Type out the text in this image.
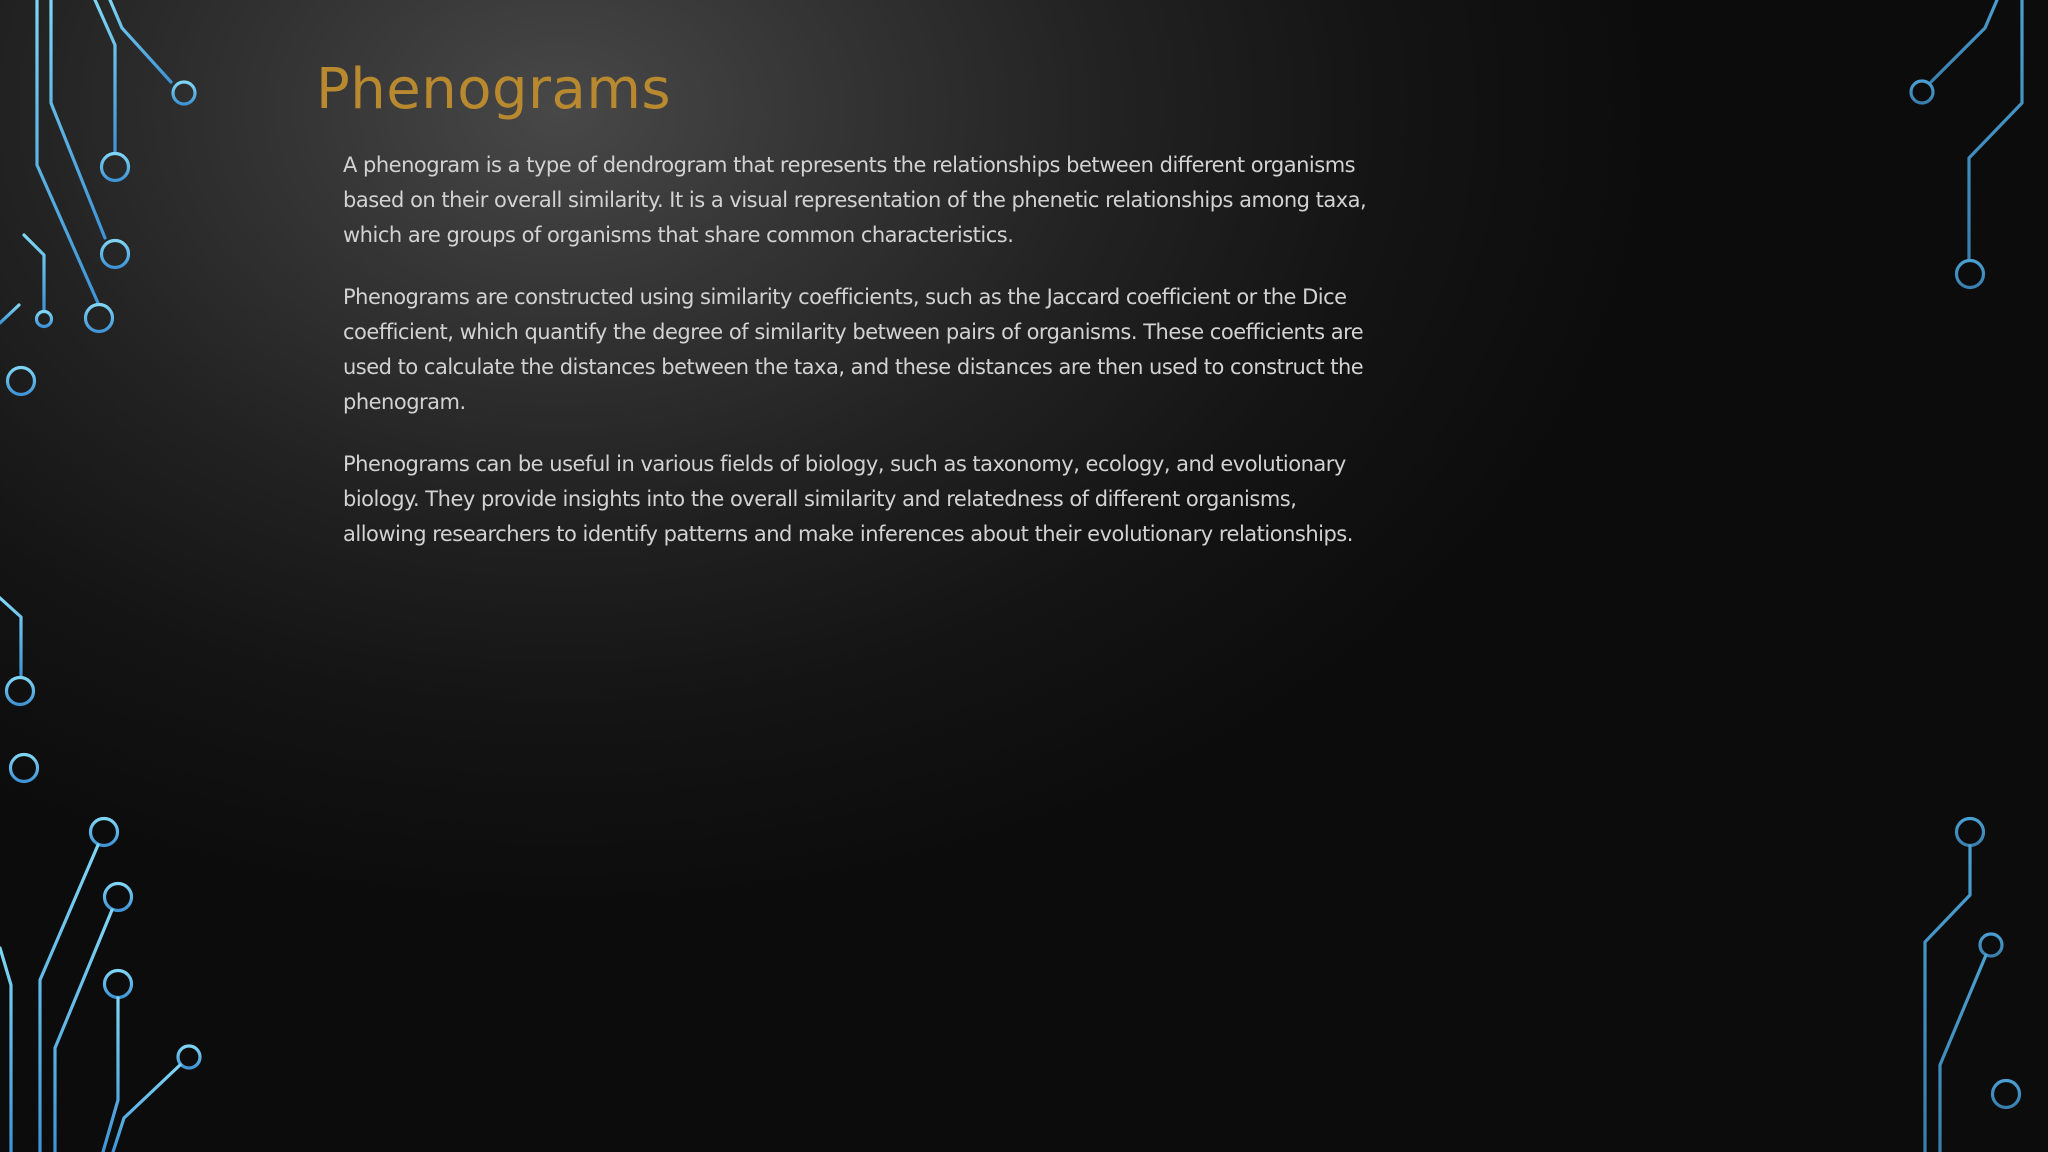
Phenograms

A phenogram is a type of dendrogram that represents the relationships between different organisms based on their overall similarity. It is a visual representation of the phenetic relationships among taxa, which are groups of organisms that share common characteristics.

Phenograms are constructed using similarity coefficients, such as the Jaccard coefficient or the Dice coefficient, which quantify the degree of similarity between pairs of organisms. These coefficients are used to calculate the distances between the taxa, and these distances are then used to construct the phenogram.

Phenograms can be useful in various fields of biology, such as taxonomy, ecology, and evolutionary biology. They provide insights into the overall similarity and relatedness of different organisms, allowing researchers to identify patterns and make inferences about their evolutionary relationships.
